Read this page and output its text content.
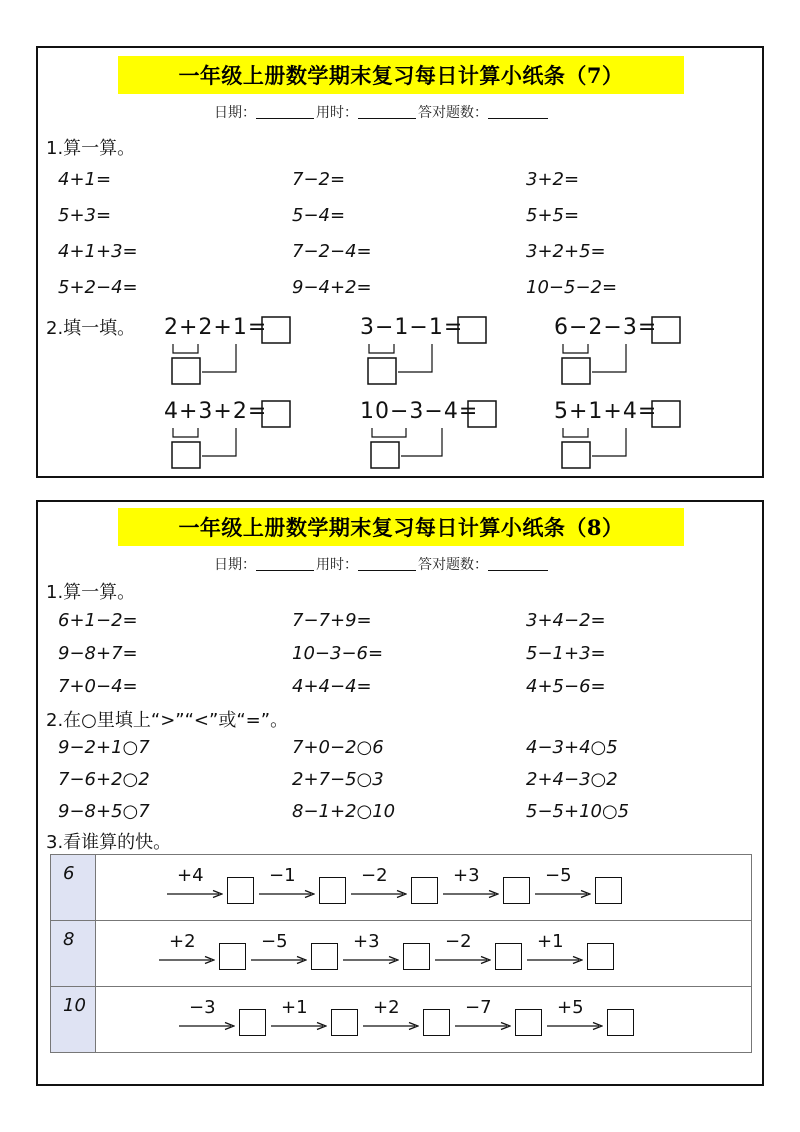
一年级上册数学期末复习每日计算小纸条（7）
日期：	用时：	答对题数：
1.算一算。
4+1=	7−2=	3+2=
5+3=	5−4=	5+5=
4+1+3=	7−2−4=	3+2+5=
5+2−4=	9−4+2=	10−5−2=
2.填一填。 2+2+1=	3−1−1=	6−2−3=
4+3+2=	10−3−4=	5+1+4=
一年级上册数学期末复习每日计算小纸条（8）
日期：	用时：	答对题数：
1.算一算。
6+1−2=	7−7+9=	3+4−2=
9−8+7=	10−3−6=	5−1+3=
7+0−4=	4+4−4=	4+5−6=
2.在○里填上“>”“<”或“=”。
9−2+1○7	7+0−2○6	4−3+4○5
7−6+2○2	2+7−5○3	2+4−3○2
9−8+5○7	8−1+2○10	5−5+10○5
3.看谁算的快。
6	+4	−1	−2	+3	−5
8	+2	−5	+3	−2	+1
10	−3	+1	+2	−7	+5
